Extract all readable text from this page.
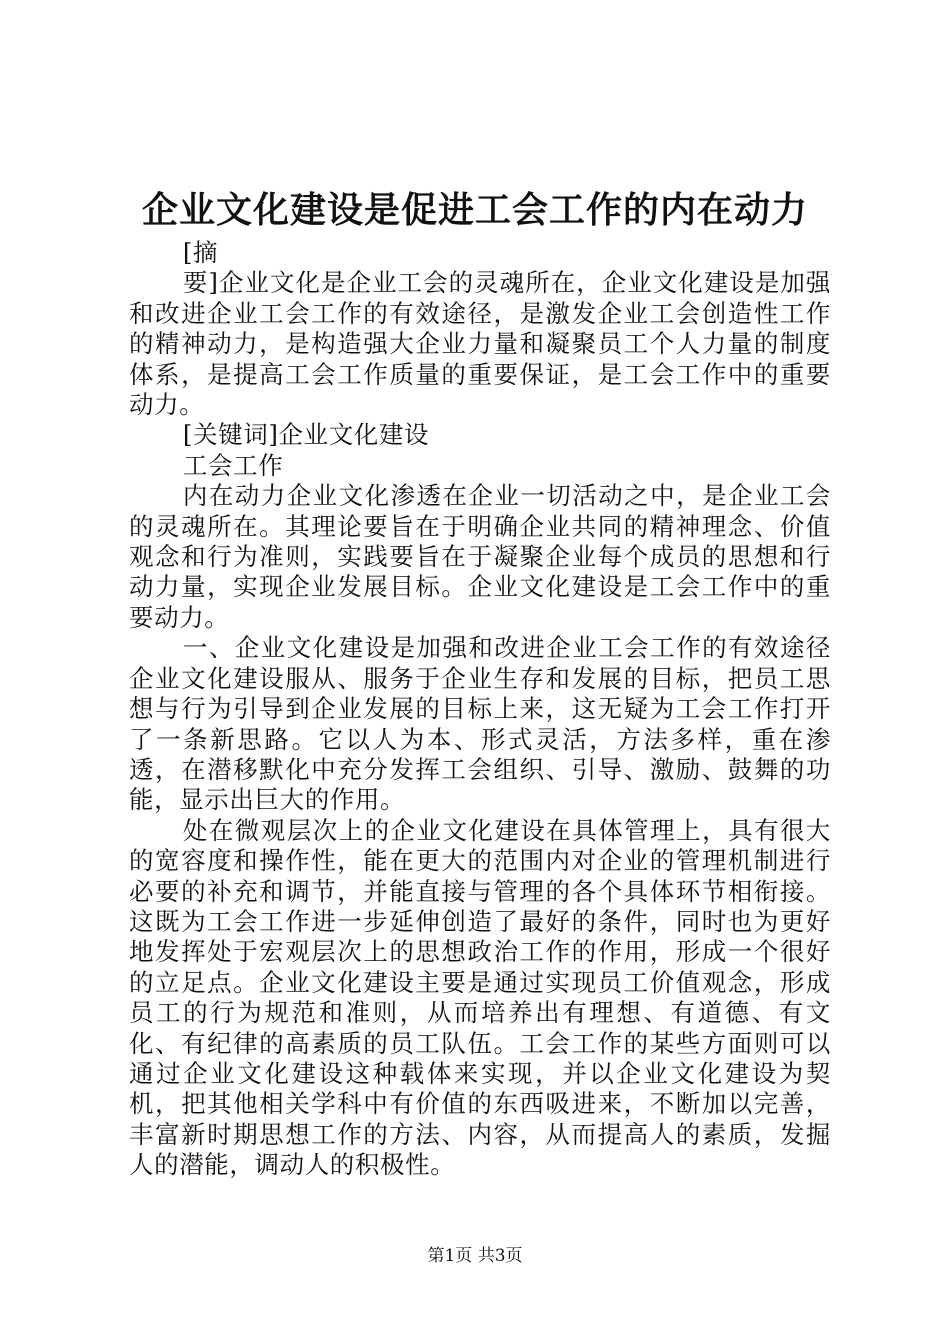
企业文化建设是促进工会工作的内在动力

[摘

要]企业文化是企业工会的灵魂所在，企业文化建设是加强和改进企业工会工作的有效途径，是激发企业工会创造性工作的精神动力，是构造强大企业力量和凝聚员工个人力量的制度体系，是提高工会工作质量的重要保证，是工会工作中的重要动力。

[关键词]企业文化建设

工会工作

内在动力企业文化渗透在企业一切活动之中，是企业工会的灵魂所在。其理论要旨在于明确企业共同的精神理念、价值观念和行为准则，实践要旨在于凝聚企业每个成员的思想和行动力量，实现企业发展目标。企业文化建设是工会工作中的重要动力。

一、企业文化建设是加强和改进企业工会工作的有效途径企业文化建设服从、服务于企业生存和发展的目标，把员工思想与行为引导到企业发展的目标上来，这无疑为工会工作打开了一条新思路。它以人为本、形式灵活，方法多样，重在渗透，在潜移默化中充分发挥工会组织、引导、激励、鼓舞的功能，显示出巨大的作用。

处在微观层次上的企业文化建设在具体管理上，具有很大的宽容度和操作性，能在更大的范围内对企业的管理机制进行必要的补充和调节，并能直接与管理的各个具体环节相衔接。这既为工会工作进一步延伸创造了最好的条件，同时也为更好地发挥处于宏观层次上的思想政治工作的作用，形成一个很好的立足点。企业文化建设主要是通过实现员工价值观念，形成员工的行为规范和准则，从而培养出有理想、有道德、有文化、有纪律的高素质的员工队伍。工会工作的某些方面则可以通过企业文化建设这种载体来实现，并以企业文化建设为契机，把其他相关学科中有价值的东西吸进来，不断加以完善，丰富新时期思想工作的方法、内容，从而提高人的素质，发掘人的潜能，调动人的积极性。

第1页 共3页
